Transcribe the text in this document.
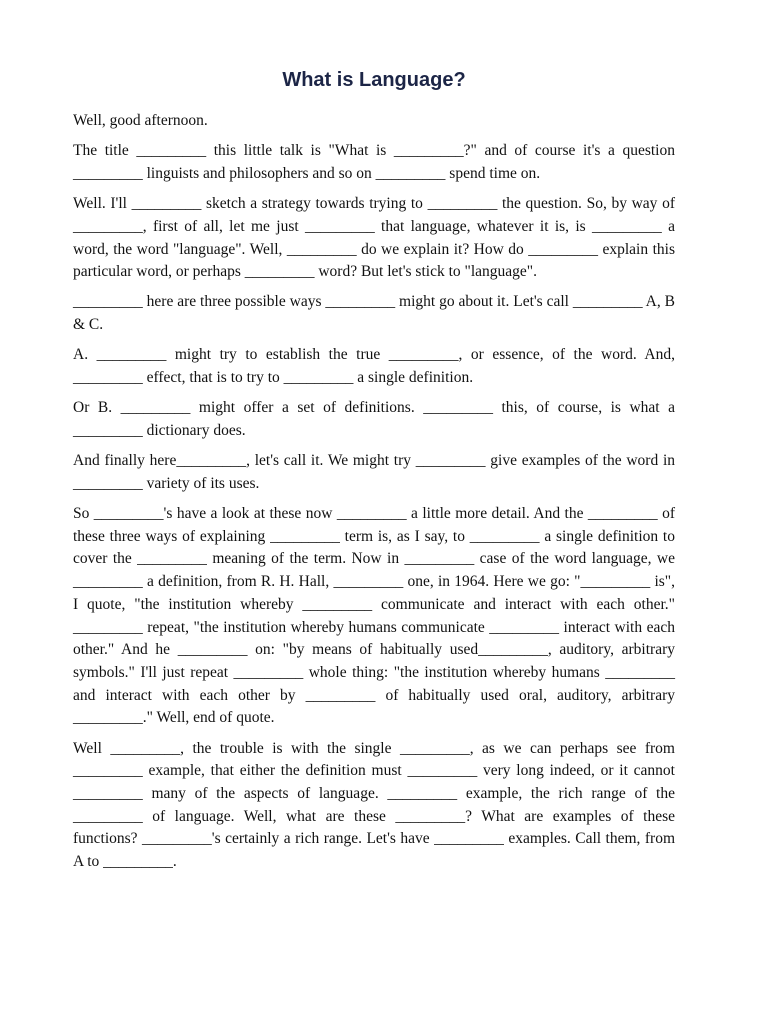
What is Language?

Well, good afternoon.

The title _________ this little talk is "What is _________?" and of course it's a question _________ linguists and philosophers and so on _________ spend time on.

Well. I'll _________ sketch a strategy towards trying to _________ the question. So, by way of _________, first of all, let me just _________ that language, whatever it is, is _________ a word, the word "language". Well, _________ do we explain it? How do _________ explain this particular word, or perhaps _________ word? But let's stick to "language".

_________ here are three possible ways _________ might go about it. Let's call _________ A, B & C.

A. _________ might try to establish the true _________, or essence, of the word. And, _________ effect, that is to try to _________ a single definition.

Or B. _________ might offer a set of definitions. _________ this, of course, is what a _________ dictionary does.

And finally here_________, let's call it. We might try _________ give examples of the word in _________ variety of its uses.

So _________'s have a look at these now _________ a little more detail. And the _________ of these three ways of explaining _________ term is, as I say, to _________ a single definition to cover the _________ meaning of the term. Now in _________ case of the word language, we _________ a definition, from R. H. Hall, _________ one, in 1964. Here we go: "_________ is", I quote, "the institution whereby _________ communicate and interact with each other." _________ repeat, "the institution whereby humans communicate _________ interact with each other." And he _________ on: "by means of habitually used_________, auditory, arbitrary symbols." I'll just repeat _________ whole thing: "the institution whereby humans _________ and interact with each other by _________ of habitually used oral, auditory, arbitrary _________." Well, end of quote.

Well _________, the trouble is with the single _________, as we can perhaps see from _________ example, that either the definition must _________ very long indeed, or it cannot _________ many of the aspects of language. _________ example, the rich range of the _________ of language. Well, what are these _________? What are examples of these functions? _________'s certainly a rich range. Let's have _________ examples. Call them, from A to _________.
